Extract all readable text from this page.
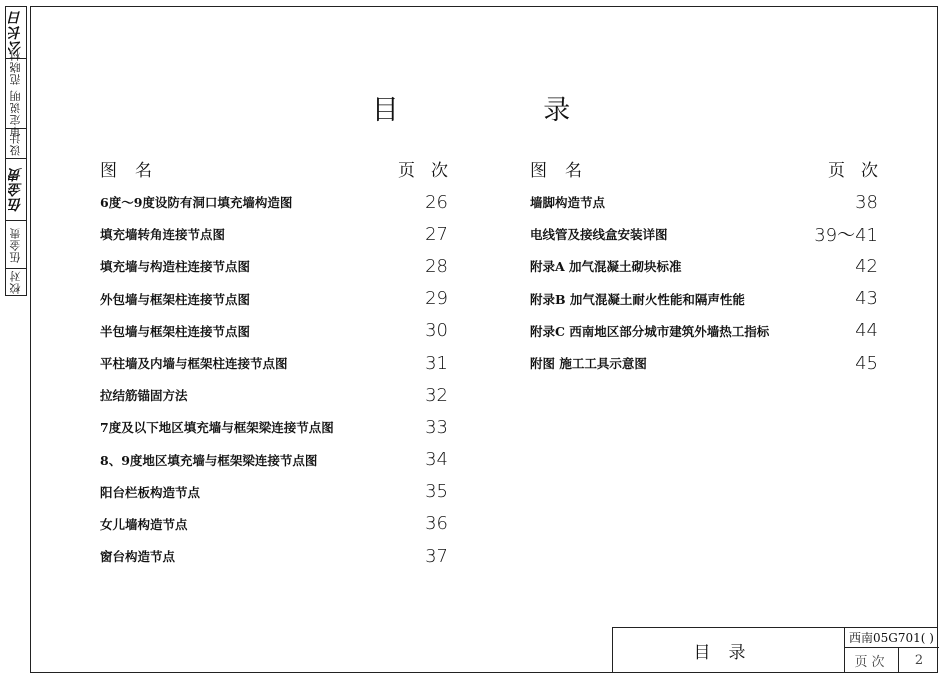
公长日
审定说明 范晓村
设计
伍金贵
伍金贵
校对
目 录
图名	页次
6度～9度设防有洞口填充墙构造图	26
填充墙转角连接节点图	27
填充墙与构造柱连接节点图	28
外包墙与框架柱连接节点图	29
半包墙与框架柱连接节点图	30
平柱墙及内墙与框架柱连接节点图	31
拉结筋锚固方法	32
7度及以下地区填充墙与框架梁连接节点图	33
8、9度地区填充墙与框架梁连接节点图	34
阳台栏板构造节点	35
女儿墙构造节点	36
窗台构造节点	37
图名	页次
墙脚构造节点	38
电线管及接线盒安装详图	39～41
附录A 加气混凝土砌块标准	42
附录B 加气混凝土耐火性能和隔声性能	43
附录C 西南地区部分城市建筑外墙热工指标	44
附图 施工工具示意图	45
目录
西南05G701( )
页次	2
